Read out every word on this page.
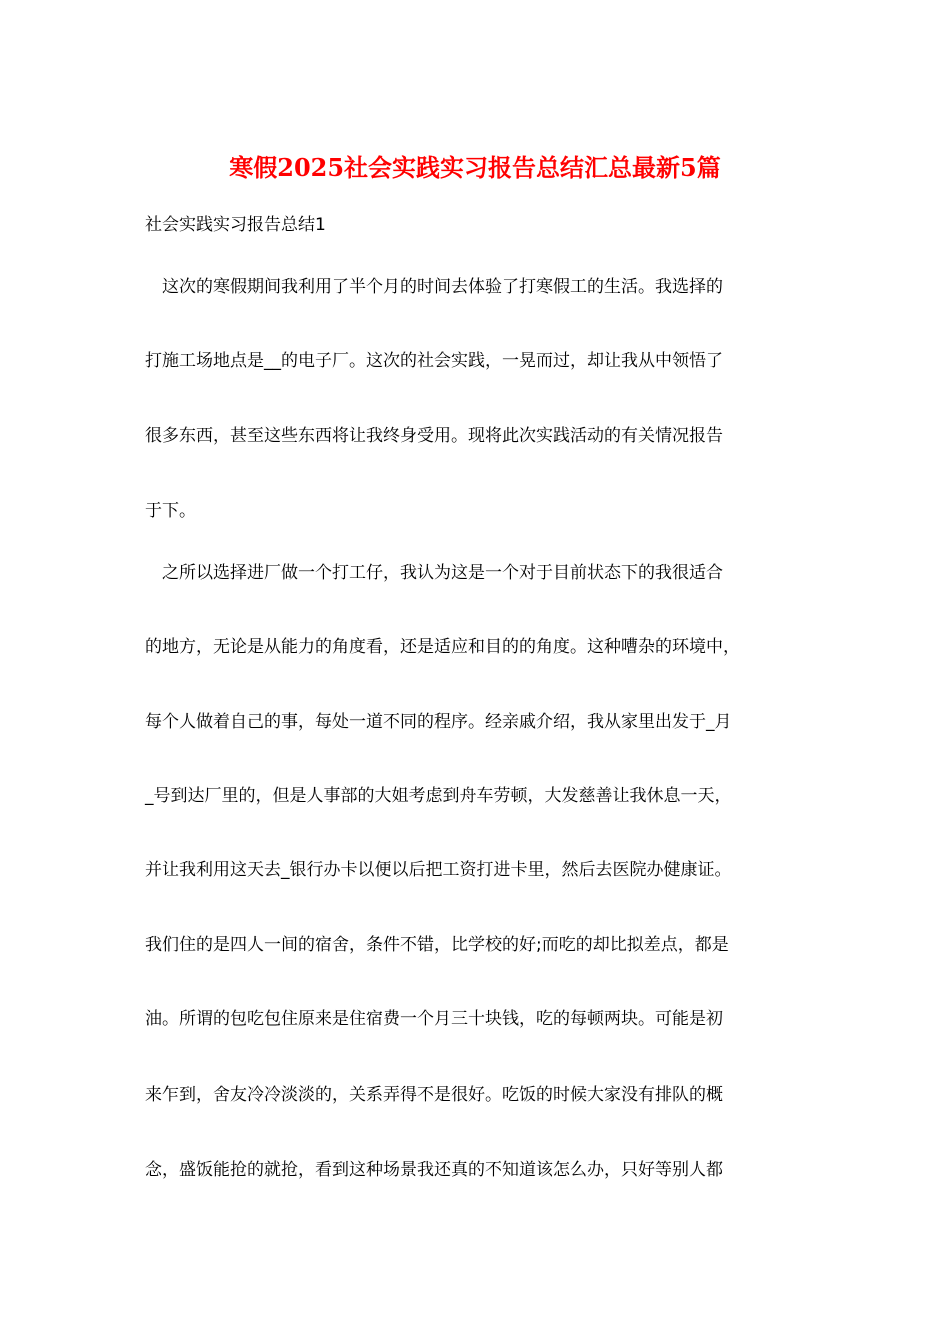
寒假2025社会实践实习报告总结汇总最新5篇
社会实践实习报告总结1
　这次的寒假期间我利用了半个月的时间去体验了打寒假工的生活。我选择的
打施工场地点是__的电子厂。这次的社会实践，一晃而过，却让我从中领悟了
很多东西，甚至这些东西将让我终身受用。现将此次实践活动的有关情况报告
于下。
　之所以选择进厂做一个打工仔，我认为这是一个对于目前状态下的我很适合
的地方，无论是从能力的角度看，还是适应和目的的角度。这种嘈杂的环境中，
每个人做着自己的事，每处一道不同的程序。经亲戚介绍，我从家里出发于_月
_号到达厂里的，但是人事部的大姐考虑到舟车劳顿，大发慈善让我休息一天，
并让我利用这天去_银行办卡以便以后把工资打进卡里，然后去医院办健康证。
我们住的是四人一间的宿舍，条件不错，比学校的好;而吃的却比拟差点，都是
油。所谓的包吃包住原来是住宿费一个月三十块钱，吃的每顿两块。可能是初
来乍到，舍友冷冷淡淡的，关系弄得不是很好。吃饭的时候大家没有排队的概
念，盛饭能抢的就抢，看到这种场景我还真的不知道该怎么办，只好等别人都
